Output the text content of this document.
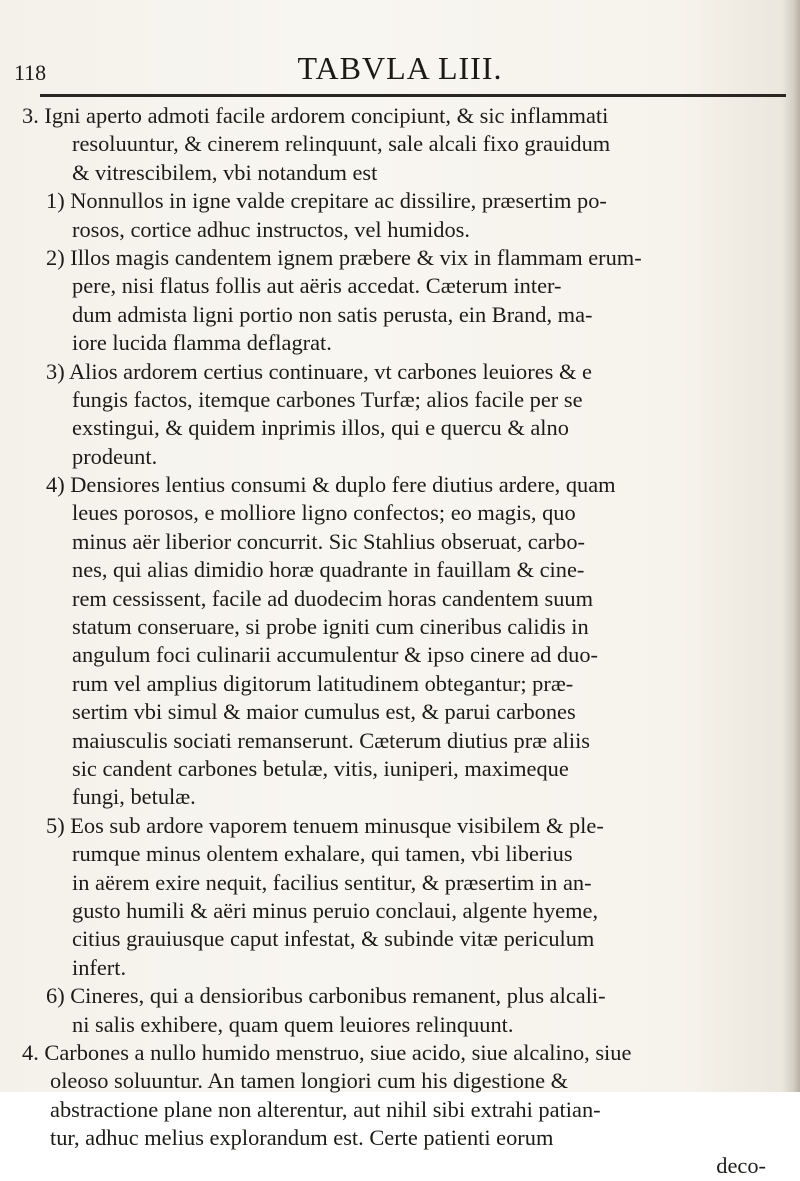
118	TABVLA LIII.
3. Igni aperto admoti facile ardorem concipiunt, & sic inflammati
resoluuntur, & cinerem relinquunt, sale alcali fixo grauidum
& vitrescibilem, vbi notandum est
1) Nonnullos in igne valde crepitare ac dissilire, præsertim po-
rosos, cortice adhuc instructos, vel humidos.
2) Illos magis candentem ignem præbere & vix in flammam erum-
pere, nisi flatus follis aut aëris accedat. Cæterum inter-
dum admista ligni portio non satis perusta, ein Brand, ma-
iore lucida flamma deflagrat.
3) Alios ardorem certius continuare, vt carbones leuiores & e
fungis factos, itemque carbones Turfæ; alios facile per se
exstingui, & quidem inprimis illos, qui e quercu & alno
prodeunt.
4) Densiores lentius consumi & duplo fere diutius ardere, quam
leues porosos, e molliore ligno confectos; eo magis, quo
minus aër liberior concurrit. Sic Stahlius obseruat, carbo-
nes, qui alias dimidio horæ quadrante in fauillam & cine-
rem cessissent, facile ad duodecim horas candentem suum
statum conseruare, si probe igniti cum cineribus calidis in
angulum foci culinarii accumulentur & ipso cinere ad duo-
rum vel amplius digitorum latitudinem obtegantur; præ-
sertim vbi simul & maior cumulus est, & parui carbones
maiusculis sociati remanserunt. Cæterum diutius præ aliis
sic candent carbones betulæ, vitis, iuniperi, maximeque
fungi, betulæ.
5) Eos sub ardore vaporem tenuem minusque visibilem & ple-
rumque minus olentem exhalare, qui tamen, vbi liberius
in aërem exire nequit, facilius sentitur, & præsertim in an-
gusto humili & aëri minus peruio conclaui, algente hyeme,
citius grauiusque caput infestat, & subinde vitæ periculum
infert.
6) Cineres, qui a densioribus carbonibus remanent, plus alcali-
ni salis exhibere, quam quem leuiores relinquunt.
4. Carbones a nullo humido menstruo, siue acido, siue alcalino, siue
oleoso soluuntur. An tamen longiori cum his digestione &
abstractione plane non alterentur, aut nihil sibi extrahi patian-
tur, adhuc melius explorandum est. Certe patienti eorum
deco-
